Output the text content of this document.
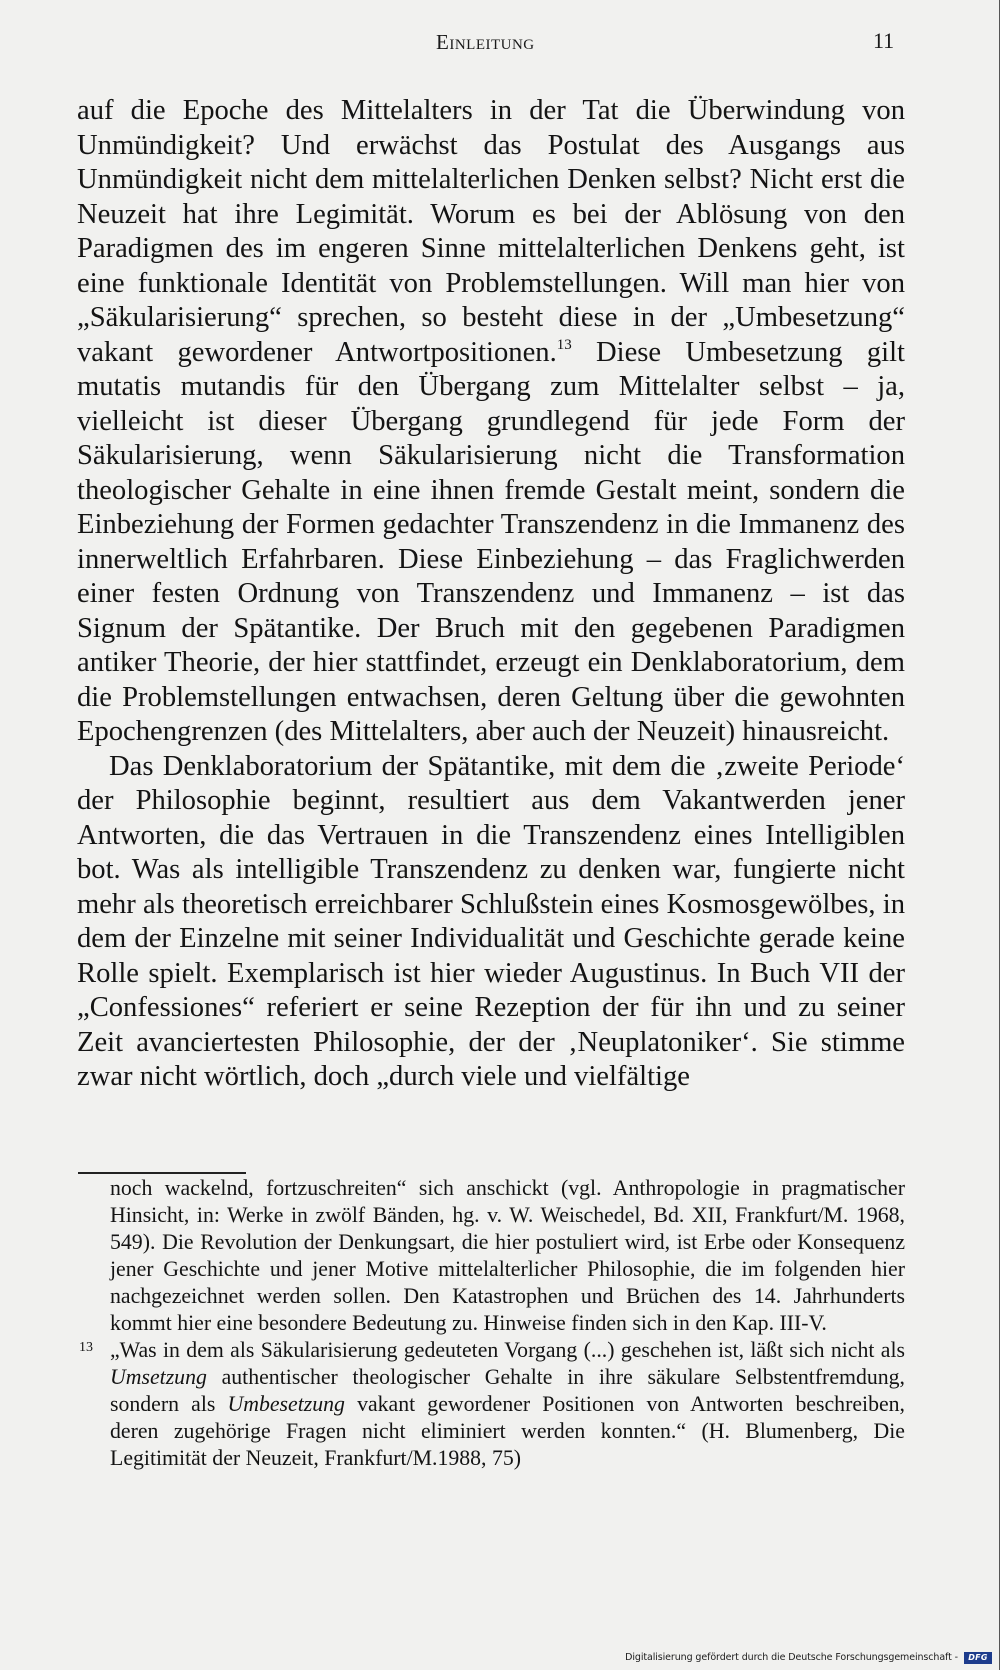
Einleitung	11

auf die Epoche des Mittelalters in der Tat die Überwindung von Unmündigkeit? Und erwächst das Postulat des Ausgangs aus Unmündigkeit nicht dem mittelalterlichen Denken selbst? Nicht erst die Neuzeit hat ihre Legimität. Worum es bei der Ablösung von den Paradigmen des im engeren Sinne mittelalterlichen Denkens geht, ist eine funktionale Identität von Problemstellungen. Will man hier von „Säkularisierung“ sprechen, so besteht diese in der „Umbesetzung“ vakant gewordener Antwortpositionen.$^{13}$ Diese Umbesetzung gilt mutatis mutandis für den Übergang zum Mittelalter selbst – ja, vielleicht ist dieser Übergang grundlegend für jede Form der Säkularisierung, wenn Säkularisierung nicht die Transformation theologischer Gehalte in eine ihnen fremde Gestalt meint, sondern die Einbeziehung der Formen gedachter Transzendenz in die Immanenz des innerweltlich Erfahrbaren. Diese Einbeziehung – das Fraglichwerden einer festen Ordnung von Transzendenz und Immanenz – ist das Signum der Spätantike. Der Bruch mit den gegebenen Paradigmen antiker Theorie, der hier stattfindet, erzeugt ein Denklaboratorium, dem die Problemstellungen entwachsen, deren Geltung über die gewohnten Epochengrenzen (des Mittelalters, aber auch der Neuzeit) hinausreicht.

Das Denklaboratorium der Spätantike, mit dem die ‚zweite Periode‘ der Philosophie beginnt, resultiert aus dem Vakantwerden jener Antworten, die das Vertrauen in die Transzendenz eines Intelligiblen bot. Was als intelligible Transzendenz zu denken war, fungierte nicht mehr als theoretisch erreichbarer Schlußstein eines Kosmosgewölbes, in dem der Einzelne mit seiner Individualität und Geschichte gerade keine Rolle spielt. Exemplarisch ist hier wieder Augustinus. In Buch VII der „Confessiones“ referiert er seine Rezeption der für ihn und zu seiner Zeit avanciertesten Philosophie, der der ‚Neuplatoniker‘. Sie stimme zwar nicht wörtlich, doch „durch viele und vielfältige

noch wackelnd, fortzuschreiten“ sich anschickt (vgl. Anthropologie in pragmatischer Hinsicht, in: Werke in zwölf Bänden, hg. v. W. Weischedel, Bd. XII, Frankfurt/M. 1968, 549). Die Revolution der Denkungsart, die hier postuliert wird, ist Erbe oder Konsequenz jener Geschichte und jener Motive mittelalterlicher Philosophie, die im folgenden hier nachgezeichnet werden sollen. Den Katastrophen und Brüchen des 14. Jahrhunderts kommt hier eine besondere Bedeutung zu. Hinweise finden sich in den Kap. III-V.
13 „Was in dem als Säkularisierung gedeuteten Vorgang (...) geschehen ist, läßt sich nicht als Umsetzung authentischer theologischer Gehalte in ihre säkulare Selbstentfremdung, sondern als Umbesetzung vakant gewordener Positionen von Antworten beschreiben, deren zugehörige Fragen nicht eliminiert werden konnten.“ (H. Blumenberg, Die Legitimität der Neuzeit, Frankfurt/M.1988, 75)
Digitalisierung gefördert durch die Deutsche Forschungsgemeinschaft -	DFG
